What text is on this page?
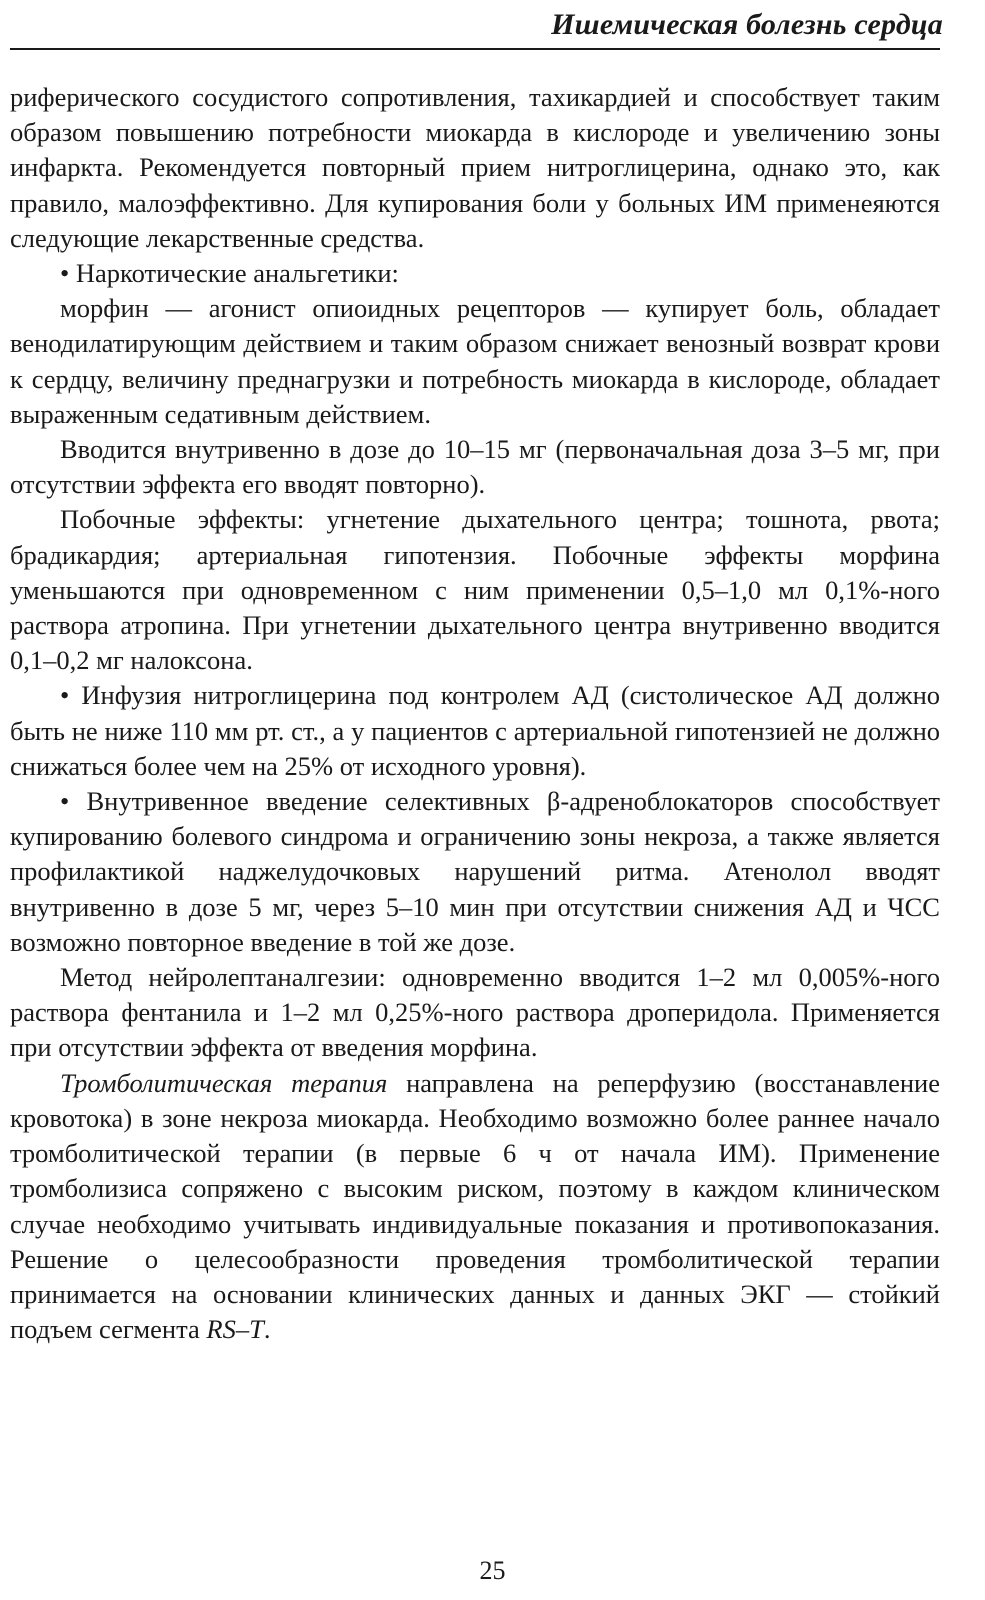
Ишемическая болезнь сердца

риферического сосудистого сопротивления, тахикардией и способствует таким образом повышению потребности миокарда в кислороде и увеличению зоны инфаркта. Рекомендуется повторный прием нитроглицерина, однако это, как правило, малоэффективно. Для купирования боли у больных ИМ применеяются следующие лекарственные средства.

• Наркотические анальгетики:

морфин — агонист опиоидных рецепторов — купирует боль, обладает венодилатирующим действием и таким образом снижает венозный возврат крови к сердцу, величину преднагрузки и потребность миокарда в кислороде, обладает выраженным седативным действием.

Вводится внутривенно в дозе до 10–15 мг (первоначальная доза 3–5 мг, при отсутствии эффекта его вводят повторно).

Побочные эффекты: угнетение дыхательного центра; тошнота, рвота; брадикардия; артериальная гипотензия. Побочные эффекты морфина уменьшаются при одновременном с ним применении 0,5–1,0 мл 0,1%-ного раствора атропина. При угнетении дыхательного центра внутривенно вводится 0,1–0,2 мг налоксона.

• Инфузия нитроглицерина под контролем АД (систолическое АД должно быть не ниже 110 мм рт. ст., а у пациентов с артериальной гипотензией не должно снижаться более чем на 25% от исходного уровня).

• Внутривенное введение селективных β-адреноблокаторов способствует купированию болевого синдрома и ограничению зоны некроза, а также является профилактикой наджелудочковых нарушений ритма. Атенолол вводят внутривенно в дозе 5 мг, через 5–10 мин при отсутствии снижения АД и ЧСС возможно повторное введение в той же дозе.

Метод нейролептаналгезии: одновременно вводится 1–2 мл 0,005%-ного раствора фентанила и 1–2 мл 0,25%-ного раствора дроперидола. Применяется при отсутствии эффекта от введения морфина.

Тромболитическая терапия направлена на реперфузию (восстанавление кровотока) в зоне некроза миокарда. Необходимо возможно более раннее начало тромболитической терапии (в первые 6 ч от начала ИМ). Применение тромболизиса сопряжено с высоким риском, поэтому в каждом клиническом случае необходимо учитывать индивидуальные показания и противопоказания. Решение о целесообразности проведения тромболитической терапии принимается на основании клинических данных и данных ЭКГ — стойкий подъем сегмента RS–T.

25
